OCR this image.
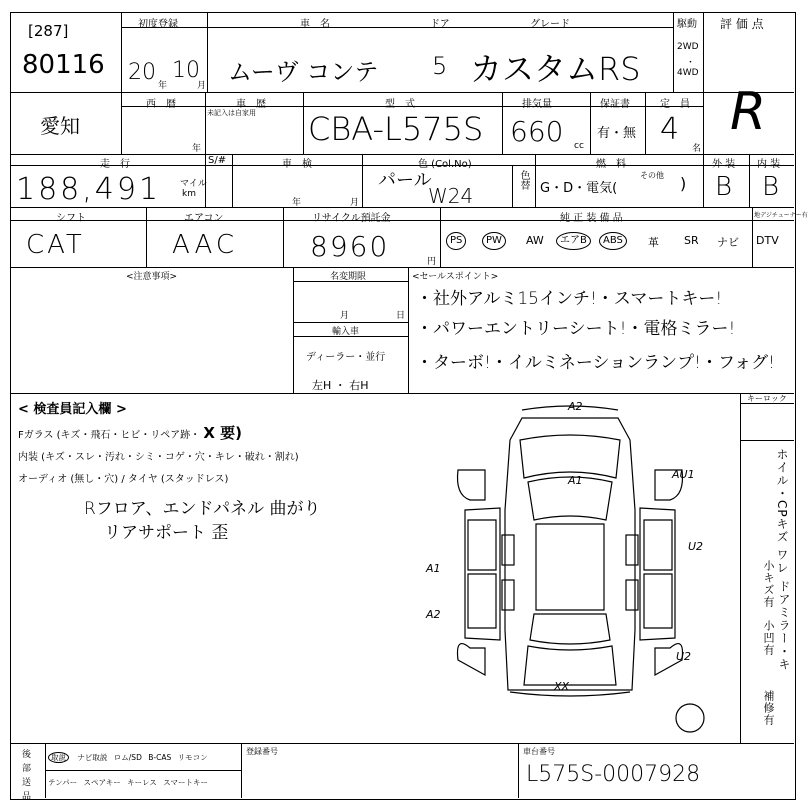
[287]
80116
初度登録
20 10
年	月
車　名
ムーヴ コンテ
ドア
5
グレード
カスタムRS
駆動
2WD
・
4WD
評 価 点
R
愛知
西　暦
年
車　歴
未記入は自家用
型　式
CBA-L575S
排気量
660 cc
保証書
有・無
定　員
4
名
走　行
188,491 マイル
km
S/#	車　検
年	月
色 (Col.No)
パール
W24
色替
燃　料
G・D・電気(
その他 )
外 装
B
内 装
B
シフト
CAT
エアコン
AAC
リサイクル預託金
8960	円
純 正 装 備 品	地デジチューナー有
PS	PW	AW	エアB	ABS	革 SR ナビ DTV
<注意事項>	名変期限
月	日
輸入車
ディーラー・並行
左H ・ 右H
<セールスポイント>
・社外アルミ15インチ!・スマートキー!
・パワーエントリーシート!・電格ミラー!
・ターボ!・イルミネーションランプ!・フォグ!
< 検査員記入欄 >
Fガラス (キズ・飛石・ヒビ・リペア跡・ X 要)
内装 (キズ・スレ・汚れ・シミ・コゲ・穴・キレ・破れ・割れ)
オーディオ (無し・穴) / タイヤ (スタッドレス)
Rフロア、エンドパネル 曲がり
リアサポート 歪
キーロック
ホイル・CPキズ ワレ
小キズ有 ドアミラー・キ
小凹有
補修有
A2
A1	AU1
A1
U2
A2
U2
XX
後部送品
取説 ナビ取説 ロム/SD B-CAS リモコン
テンパー スペアキー キーレス スマートキー
登録番号	車台番号
L575S-0007928
